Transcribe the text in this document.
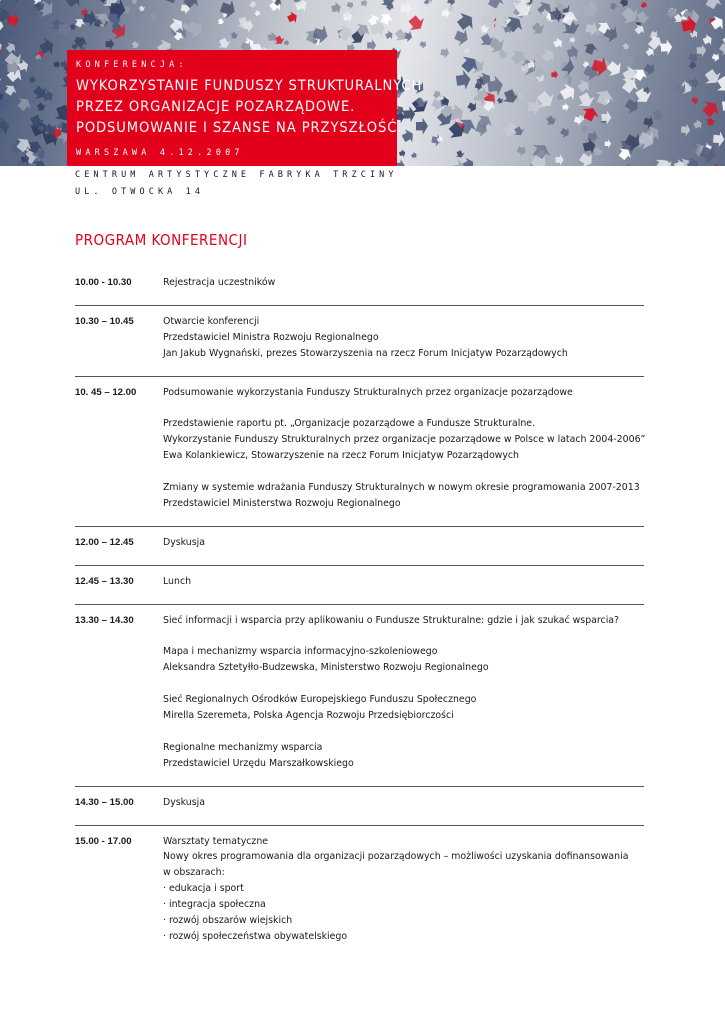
KONFERENCJA:
WYKORZYSTANIE FUNDUSZY STRUKTURALNYCH
PRZEZ ORGANIZACJE POZARZĄDOWE.
PODSUMOWANIE I SZANSE NA PRZYSZŁOŚĆ.
WARSZAWA 4.12.2007
CENTRUM ARTYSTYCZNE FABRYKA TRZCINY
UL. OTWOCKA 14
PROGRAM KONFERENCJI
10.00 - 10.30	Rejestracja uczestników
10.30 – 10.45	Otwarcie konferencji
Przedstawiciel Ministra Rozwoju Regionalnego
Jan Jakub Wygnański, prezes Stowarzyszenia na rzecz Forum Inicjatyw Pozarządowych
10. 45 – 12.00	Podsumowanie wykorzystania Funduszy Strukturalnych przez organizacje pozarządowe
Przedstawienie raportu pt. „Organizacje pozarządowe a Fundusze Strukturalne.
Wykorzystanie Funduszy Strukturalnych przez organizacje pozarządowe w Polsce w latach 2004-2006”
Ewa Kolankiewicz, Stowarzyszenie na rzecz Forum Inicjatyw Pozarządowych
Zmiany w systemie wdrażania Funduszy Strukturalnych w nowym okresie programowania 2007-2013
Przedstawiciel Ministerstwa Rozwoju Regionalnego
12.00 – 12.45	Dyskusja
12.45 – 13.30	Lunch
13.30 – 14.30	Sieć informacji i wsparcia przy aplikowaniu o Fundusze Strukturalne: gdzie i jak szukać wsparcia?
Mapa i mechanizmy wsparcia informacyjno-szkoleniowego
Aleksandra Sztetyłło-Budzewska, Ministerstwo Rozwoju Regionalnego
Sieć Regionalnych Ośrodków Europejskiego Funduszu Społecznego
Mirella Szeremeta, Polska Agencja Rozwoju Przedsiębiorczości
Regionalne mechanizmy wsparcia
Przedstawiciel Urzędu Marszałkowskiego
14.30 – 15.00	Dyskusja
15.00 - 17.00	Warsztaty tematyczne
Nowy okres programowania dla organizacji pozarządowych – możliwości uzyskania dofinansowania
w obszarach:
· edukacja i sport
· integracja społeczna
· rozwój obszarów wiejskich
· rozwój społeczeństwa obywatelskiego
